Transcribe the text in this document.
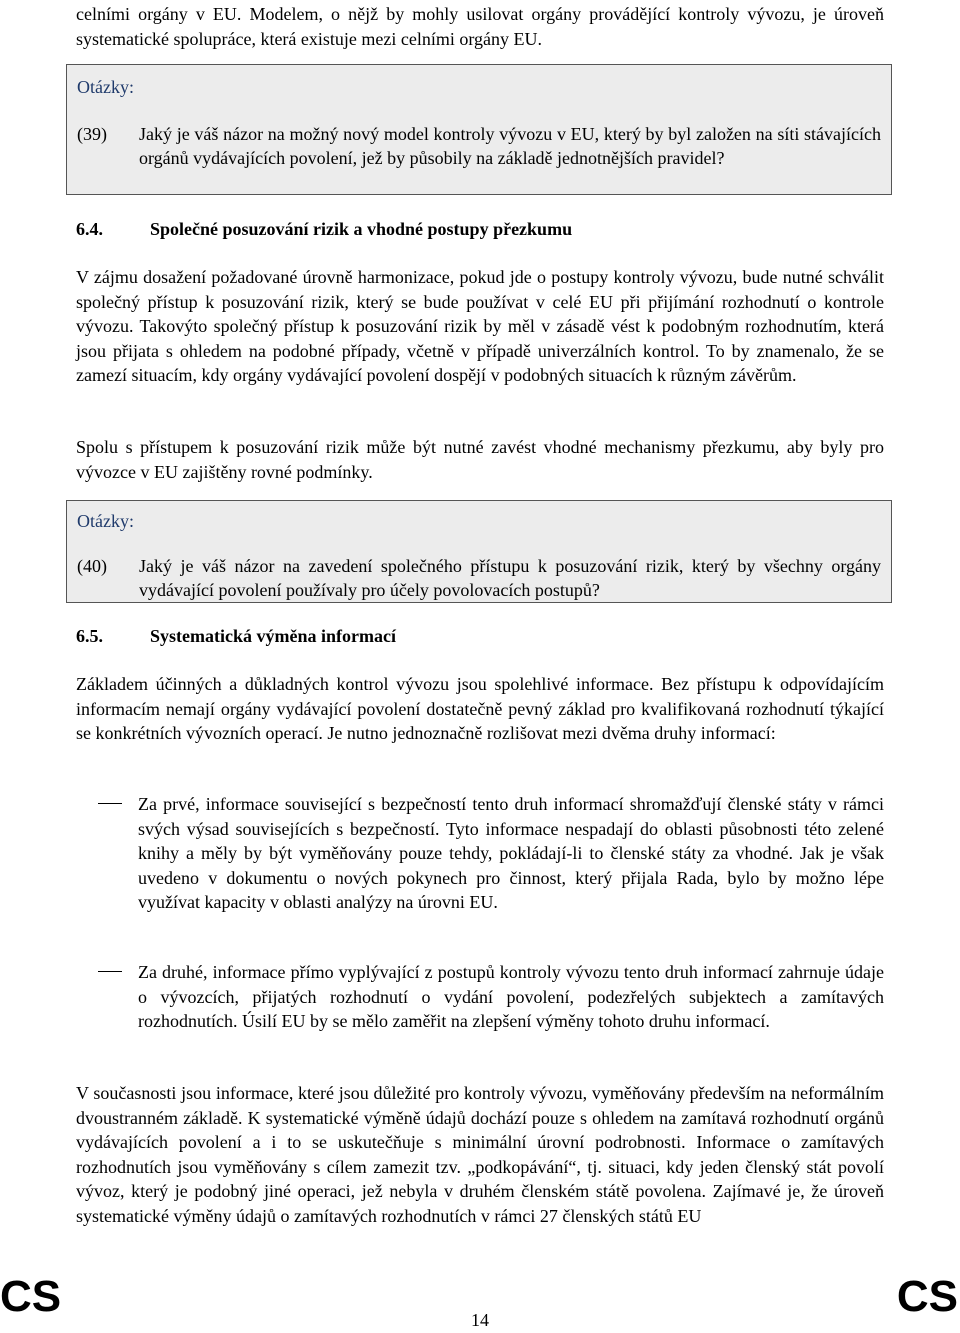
celními orgány v EU. Modelem, o nějž by mohly usilovat orgány provádějící kontroly vývozu, je úroveň systematické spolupráce, která existuje mezi celními orgány EU.

Otázky:
(39)	Jaký je váš názor na možný nový model kontroly vývozu v EU, který by byl založen na síti stávajících orgánů vydávajících povolení, jež by působily na základě jednotnějších pravidel?
6.4.	Společné posuzování rizik a vhodné postupy přezkumu

V zájmu dosažení požadované úrovně harmonizace, pokud jde o postupy kontroly vývozu, bude nutné schválit společný přístup k posuzování rizik, který se bude používat v celé EU při přijímání rozhodnutí o kontrole vývozu. Takovýto společný přístup k posuzování rizik by měl v zásadě vést k podobným rozhodnutím, která jsou přijata s ohledem na podobné případy, včetně v případě univerzálních kontrol. To by znamenalo, že se zamezí situacím, kdy orgány vydávající povolení dospějí v podobných situacích k různým závěrům.

Spolu s přístupem k posuzování rizik může být nutné zavést vhodné mechanismy přezkumu, aby byly pro vývozce v EU zajištěny rovné podmínky.

Otázky:
(40)	Jaký je váš názor na zavedení společného přístupu k posuzování rizik, který by všechny orgány vydávající povolení používaly pro účely povolovacích postupů?
6.5.	Systematická výměna informací

Základem účinných a důkladných kontrol vývozu jsou spolehlivé informace. Bez přístupu k odpovídajícím informacím nemají orgány vydávající povolení dostatečně pevný základ pro kvalifikovaná rozhodnutí týkající se konkrétních vývozních operací. Je nutno jednoznačně rozlišovat mezi dvěma druhy informací:

Za prvé, informace související s bezpečností tento druh informací shromažďují členské státy v rámci svých výsad souvisejících s bezpečností. Tyto informace nespadají do oblasti působnosti této zelené knihy a měly by být vyměňovány pouze tehdy, pokládají-li to členské státy za vhodné. Jak je však uvedeno v dokumentu o nových pokynech pro činnost, který přijala Rada, bylo by možno lépe využívat kapacity v oblasti analýzy na úrovni EU.

Za druhé, informace přímo vyplývající z postupů kontroly vývozu tento druh informací zahrnuje údaje o vývozcích, přijatých rozhodnutí o vydání povolení, podezřelých subjektech a zamítavých rozhodnutích. Úsilí EU by se mělo zaměřit na zlepšení výměny tohoto druhu informací.

V současnosti jsou informace, které jsou důležité pro kontroly vývozu, vyměňovány především na neformálním dvoustranném základě. K systematické výměně údajů dochází pouze s ohledem na zamítavá rozhodnutí orgánů vydávajících povolení a i to se uskutečňuje s minimální úrovní podrobnosti. Informace o zamítavých rozhodnutích jsou vyměňovány s cílem zamezit tzv. „podkopávání“, tj. situaci, kdy jeden členský stát povolí vývoz, který je podobný jiné operaci, jež nebyla v druhém členském státě povolena. Zajímavé je, že úroveň systematické výměny údajů o zamítavých rozhodnutích v rámci 27 členských států EU

CS	14	CS
